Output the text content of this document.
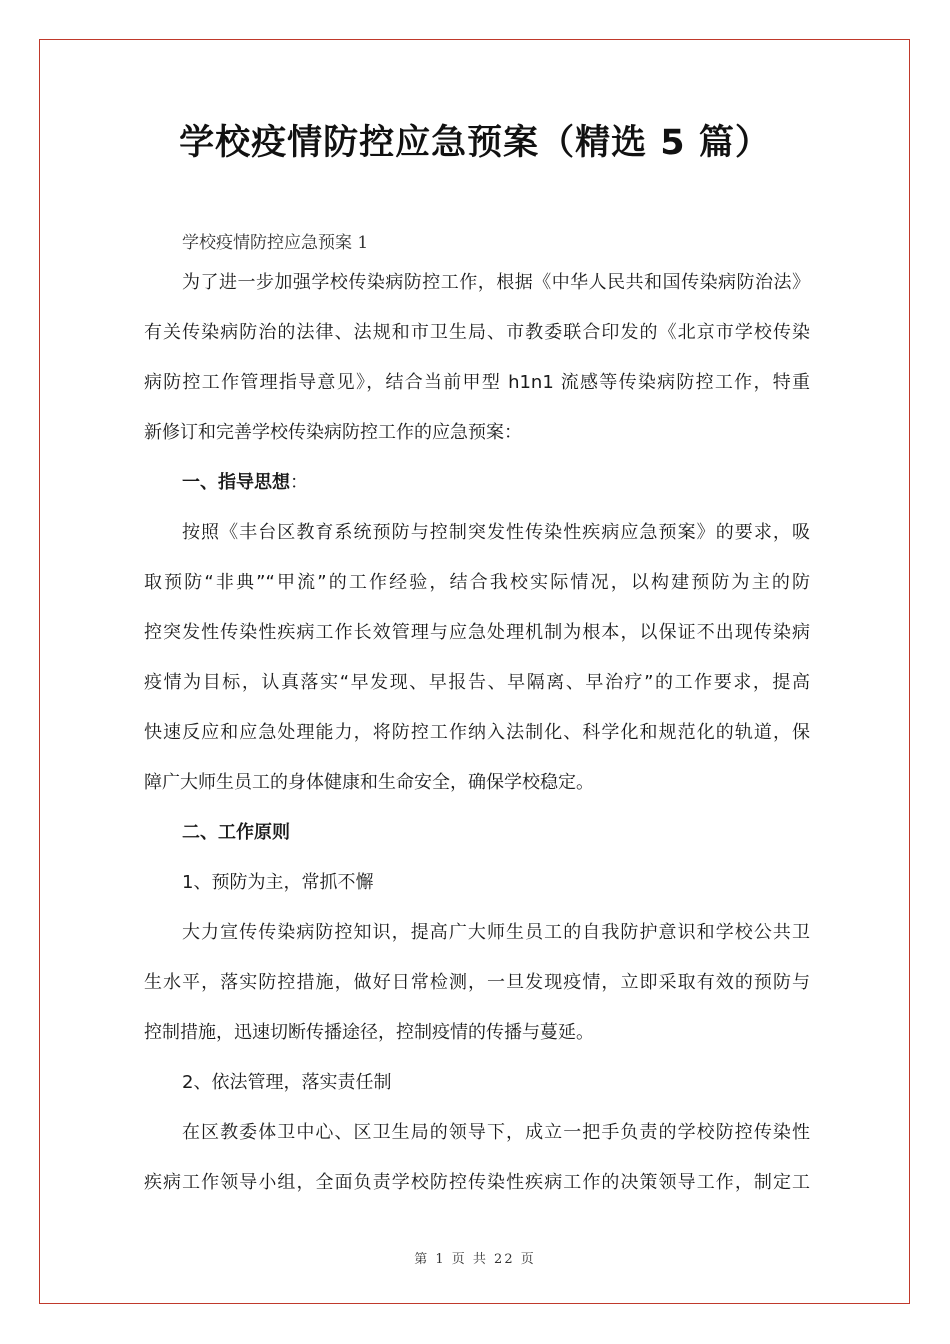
学校疫情防控应急预案（精选 5 篇）
学校疫情防控应急预案 1
为了进一步加强学校传染病防控工作，根据《中华人民共和国传染病防治法》
有关传染病防治的法律、法规和市卫生局、市教委联合印发的《北京市学校传染
病防控工作管理指导意见》，结合当前甲型 h1n1 流感等传染病防控工作，特重
新修订和完善学校传染病防控工作的应急预案：
一、指导思想：
按照《丰台区教育系统预防与控制突发性传染性疾病应急预案》的要求，吸
取预防“非典”“甲流”的工作经验，结合我校实际情况，以构建预防为主的防
控突发性传染性疾病工作长效管理与应急处理机制为根本，以保证不出现传染病
疫情为目标，认真落实“早发现、早报告、早隔离、早治疗”的工作要求，提高
快速反应和应急处理能力，将防控工作纳入法制化、科学化和规范化的轨道，保
障广大师生员工的身体健康和生命安全，确保学校稳定。
二、工作原则
1、预防为主，常抓不懈
大力宣传传染病防控知识，提高广大师生员工的自我防护意识和学校公共卫
生水平，落实防控措施，做好日常检测，一旦发现疫情，立即采取有效的预防与
控制措施，迅速切断传播途径，控制疫情的传播与蔓延。
2、依法管理，落实责任制
在区教委体卫中心、区卫生局的领导下，成立一把手负责的学校防控传染性
疾病工作领导小组，全面负责学校防控传染性疾病工作的决策领导工作，制定工
第 1 页 共 22 页
